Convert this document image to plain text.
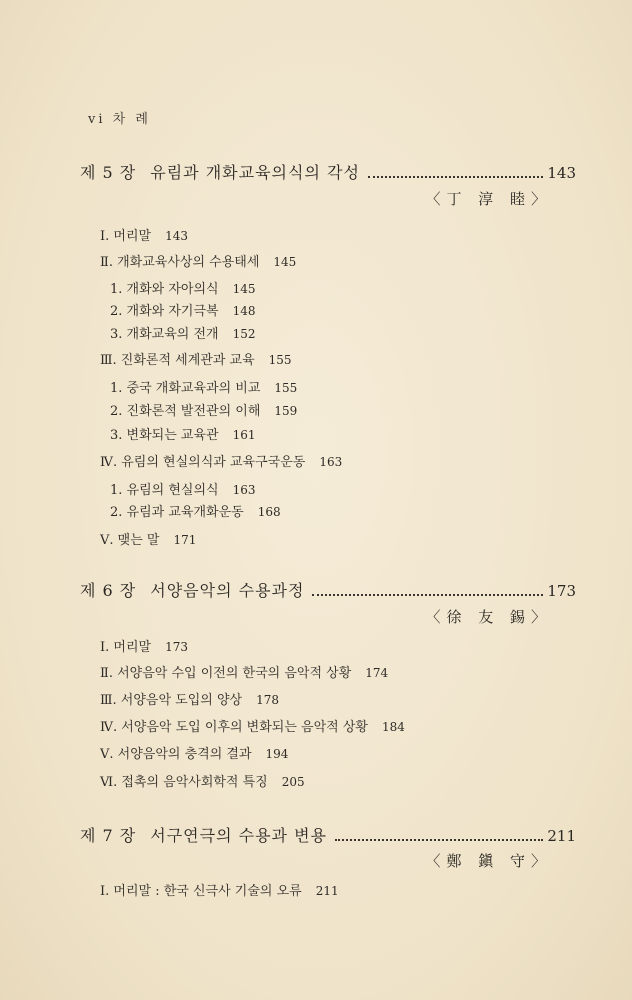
vi 차 례
제 5 장 유림과 개화교육의식의 각성	143
〈丁 淳 睦〉
Ⅰ. 머리말 143
Ⅱ. 개화교육사상의 수용태세 145
1. 개화와 자아의식 145
2. 개화와 자기극복 148
3. 개화교육의 전개 152
Ⅲ. 진화론적 세계관과 교육 155
1. 중국 개화교육과의 비교 155
2. 진화론적 발전관의 이해 159
3. 변화되는 교육관 161
Ⅳ. 유림의 현실의식과 교육구국운동 163
1. 유림의 현실의식 163
2. 유림과 교육개화운동 168
Ⅴ. 맺는 말 171
제 6 장 서양음악의 수용과정	173
〈徐 友 錫〉
Ⅰ. 머리말 173
Ⅱ. 서양음악 수입 이전의 한국의 음악적 상황 174
Ⅲ. 서양음악 도입의 양상 178
Ⅳ. 서양음악 도입 이후의 변화되는 음악적 상황 184
Ⅴ. 서양음악의 충격의 결과 194
Ⅵ. 접촉의 음악사회학적 특징 205
제 7 장 서구연극의 수용과 변용	211
〈鄭 鎭 守〉
Ⅰ. 머리말 : 한국 신극사 기술의 오류 211
